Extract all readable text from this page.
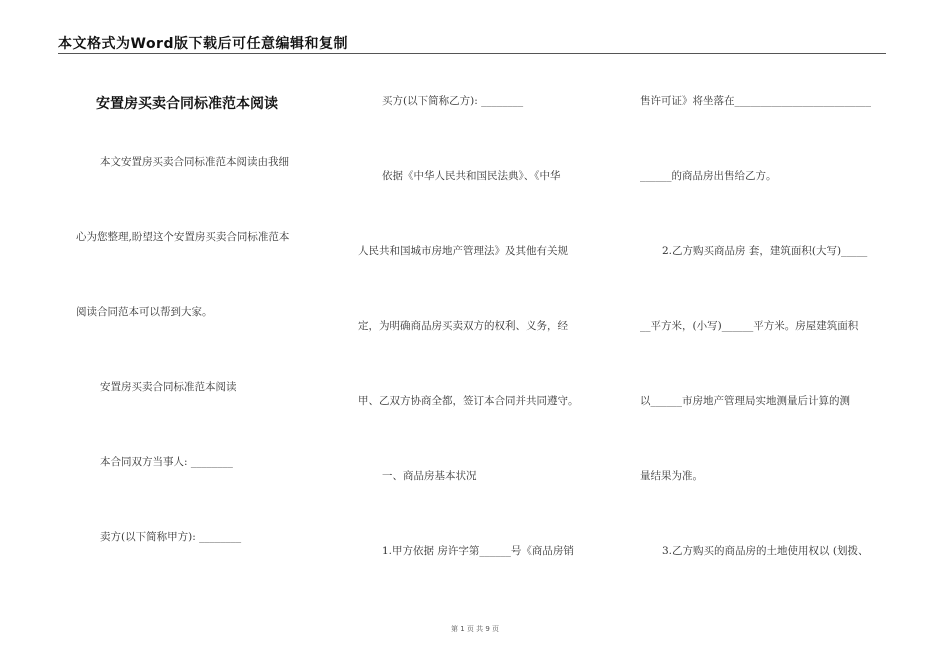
本文格式为Word版下载后可任意编辑和复制
安置房买卖合同标准范本阅读
本文安置房买卖合同标准范本阅读由我细
心为您整理,盼望这个安置房买卖合同标准范本
阅读合同范本可以帮到大家。
安置房买卖合同标准范本阅读
本合同双方当事人: ________
卖方(以下简称甲方): ________
买方(以下简称乙方): ________
依据《中华人民共和国民法典》、《中华
人民共和国城市房地产管理法》及其他有关规
定，为明确商品房买卖双方的权利、义务，经
甲、乙双方协商全都，签订本合同并共同遵守。
一、商品房基本状况
1.甲方依据 房许字第______号《商品房销
售许可证》将坐落在__________________________
______的商品房出售给乙方。
2.乙方购买商品房 套，建筑面积(大写)_____
__平方米，(小写)______平方米。房屋建筑面积
以______市房地产管理局实地测量后计算的测
量结果为准。
3.乙方购买的商品房的土地使用权以 (划拨、
第 1 页 共 9 页
